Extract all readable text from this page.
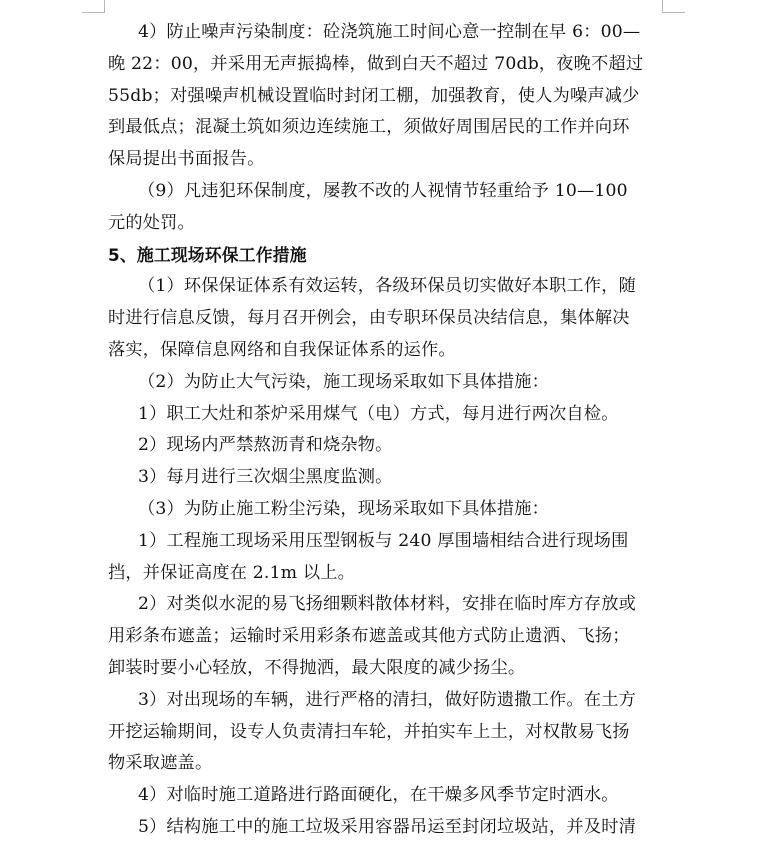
4）防止噪声污染制度：砼浇筑施工时间心意一控制在早 6：00—
晚 22：00，并采用无声振捣棒，做到白天不超过 70db，夜晚不超过
55db；对强噪声机械设置临时封闭工棚，加强教育，使人为噪声减少
到最低点；混凝土筑如须边连续施工，须做好周围居民的工作并向环
保局提出书面报告。
（9）凡违犯环保制度，屡教不改的人视情节轻重给予 10—100
元的处罚。
5、施工现场环保工作措施
（1）环保保证体系有效运转，各级环保员切实做好本职工作，随
时进行信息反馈，每月召开例会，由专职环保员决结信息，集体解决
落实，保障信息网络和自我保证体系的运作。
（2）为防止大气污染，施工现场采取如下具体措施：
1）职工大灶和茶炉采用煤气（电）方式，每月进行两次自检。
2）现场内严禁熬沥青和烧杂物。
3）每月进行三次烟尘黑度监测。
（3）为防止施工粉尘污染，现场采取如下具体措施：
1）工程施工现场采用压型钢板与 240 厚围墙相结合进行现场围
挡，并保证高度在 2.1m 以上。
2）对类似水泥的易飞扬细颗料散体材料，安排在临时库方存放或
用彩条布遮盖；运输时采用彩条布遮盖或其他方式防止遗洒、飞扬；
卸装时要小心轻放，不得抛洒，最大限度的减少扬尘。
3）对出现场的车辆，进行严格的清扫，做好防遗撒工作。在土方
开挖运输期间，设专人负责清扫车轮，并拍实车上土，对权散易飞扬
物采取遮盖。
4）对临时施工道路进行路面硬化，在干燥多风季节定时洒水。
5）结构施工中的施工垃圾采用容器吊运至封闭垃圾站，并及时清
